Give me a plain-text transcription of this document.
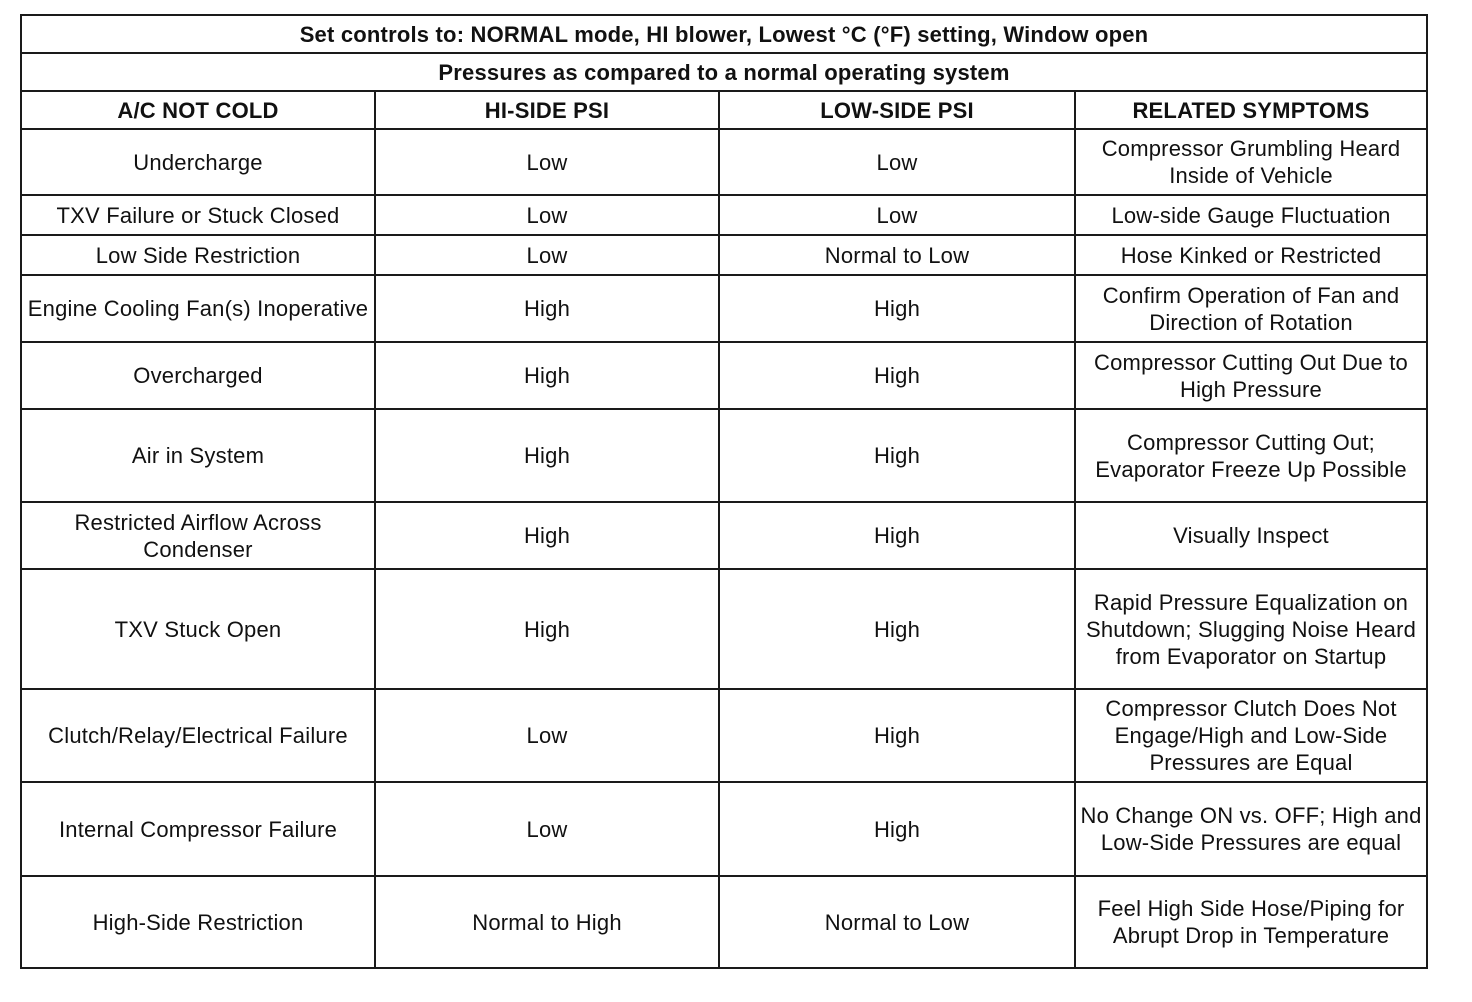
Set controls to: NORMAL mode, HI blower, Lowest °C (°F) setting, Window open			
Pressures as compared to a normal operating system			
A/C NOT COLD	HI-SIDE PSI	LOW-SIDE PSI	RELATED SYMPTOMS
Undercharge	Low	Low	Compressor Grumbling Heard Inside of Vehicle
TXV Failure or Stuck Closed	Low	Low	Low-side Gauge Fluctuation
Low Side Restriction	Low	Normal to Low	Hose Kinked or Restricted
Engine Cooling Fan(s) Inoperative	High	High	Confirm Operation of Fan and Direction of Rotation
Overcharged	High	High	Compressor Cutting Out Due to High Pressure
Air in System	High	High	Compressor Cutting Out; Evaporator Freeze Up Possible
Restricted Airflow Across Condenser	High	High	Visually Inspect
TXV Stuck Open	High	High	Rapid Pressure Equalization on Shutdown; Slugging Noise Heard from Evaporator on Startup
Clutch/Relay/Electrical Failure	Low	High	Compressor Clutch Does Not Engage/High and Low-Side Pressures are Equal
Internal Compressor Failure	Low	High	No Change ON vs. OFF; High and Low-Side Pressures are equal
High-Side Restriction	Normal to High	Normal to Low	Feel High Side Hose/Piping for Abrupt Drop in Temperature
